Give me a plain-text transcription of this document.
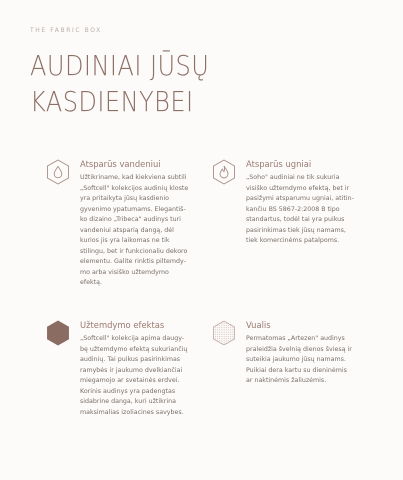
THE FABRIC BOX
AUDINIAI JŪSŲ
KASDIENYBEI
Atsparūs vandeniui
Užtikriname, kad kiekviena subtili
„Softcell" kolekcijos audinių kloste
yra pritaikyta jūsų kasdienio
gyvenimo ypatumams. Elegantiš-
ko dizaino „Tribeca" audinys turi
vandeniui atsparią dangą, dėl
kurios jis yra laikomas ne tik
stilingu, bet ir funkcionaliu dekoro
elementu. Galite rinktis piltemdy-
mo arba visiško užtemdymo
efektą.
Atsparūs ugniai
„Soho" audiniai ne tik sukuria
visiško užtemdymo efektą, bet ir
pasižymi atsparumu ugniai, atitin-
kančiu BS 5867-2:2008 B tipo
standartus, todėl tai yra puikus
pasirinkimas tiek jūsų namams,
tiek komercinėms patalpoms.
Užtemdymo efektas
„Softcell" kolekcija apima daugy-
bę užtemdymo efektą sukuriančių
audinių. Tai puikus pasirinkimas
ramybės ir jaukumo dvelkiančiai
miegamojo ar svetainės erdvei.
Korinis audinys yra padengtas
sidabrine danga, kuri užtikrina
maksimalias izoliacines savybes.
Vualis
Permatomas „Artezen" audinys
praleidžia švelnią dienos šviesą ir
suteikia jaukumo jūsų namams.
Puikiai dera kartu su dieninėmis
ar naktinėmis žaliuzėmis.
